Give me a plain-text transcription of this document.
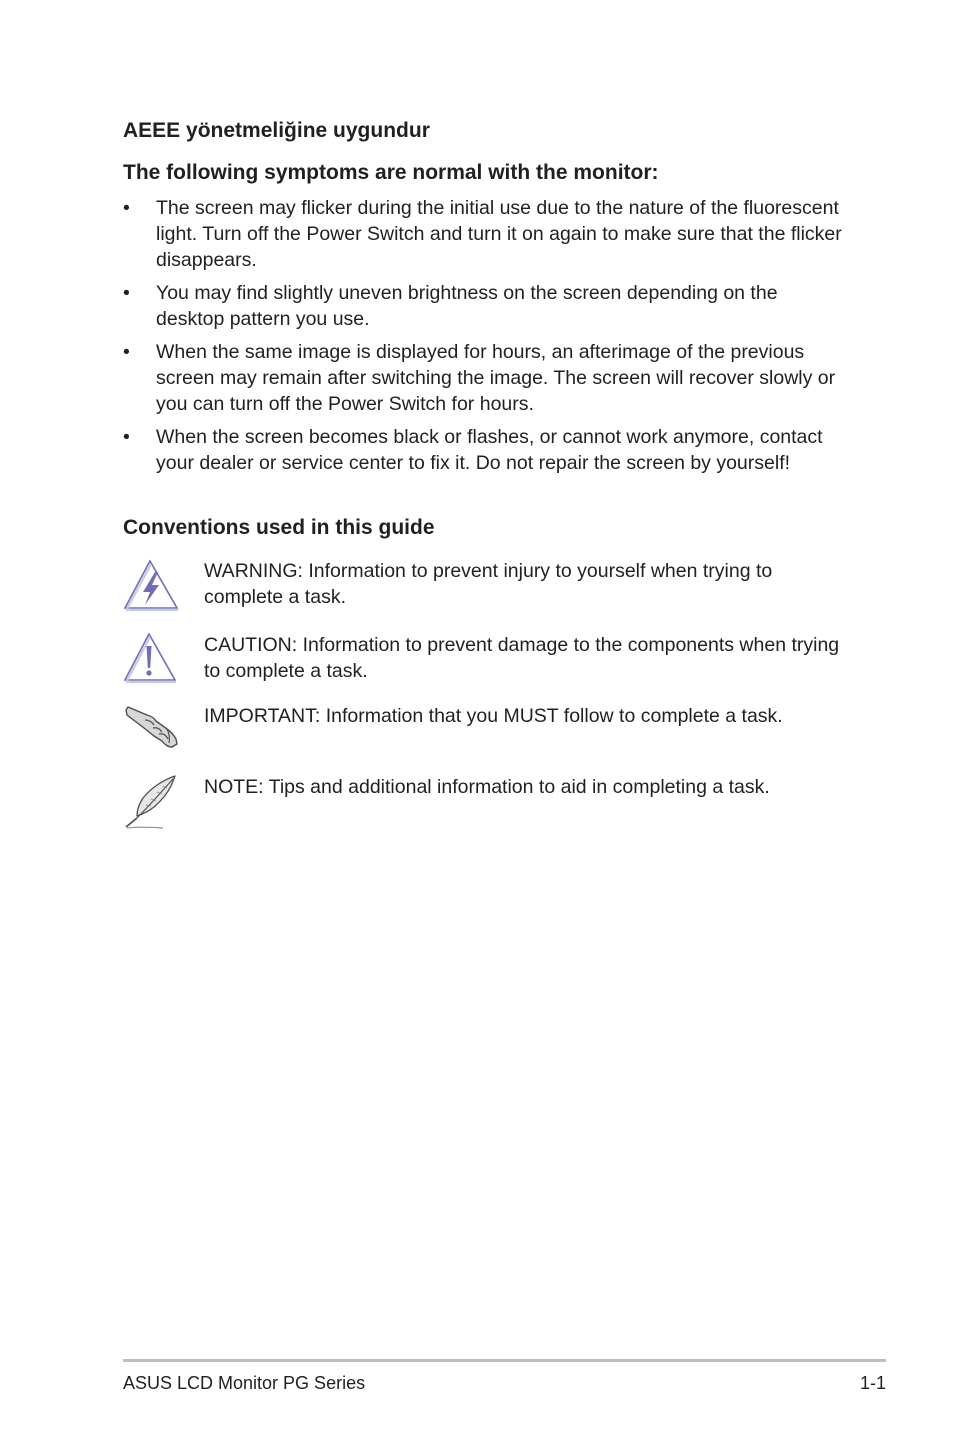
AEEE yönetmeliğine uygundur
The following symptoms are normal with the monitor:
• The screen may flicker during the initial use due to the nature of the fluorescent light. Turn off the Power Switch and turn it on again to make sure that the flicker disappears.
• You may find slightly uneven brightness on the screen depending on the desktop pattern you use.
• When the same image is displayed for hours, an afterimage of the previous screen may remain after switching the image. The screen will recover slowly or you can turn off the Power Switch for hours.
• When the screen becomes black or flashes, or cannot work anymore, contact your dealer or service center to fix it. Do not repair the screen by yourself!
Conventions used in this guide
WARNING: Information to prevent injury to yourself when trying to complete a task.
CAUTION: Information to prevent damage to the components when trying to complete a task.
IMPORTANT: Information that you MUST follow to complete a task.
NOTE: Tips and additional information to aid in completing a task.
ASUS LCD Monitor PG Series	1-1
